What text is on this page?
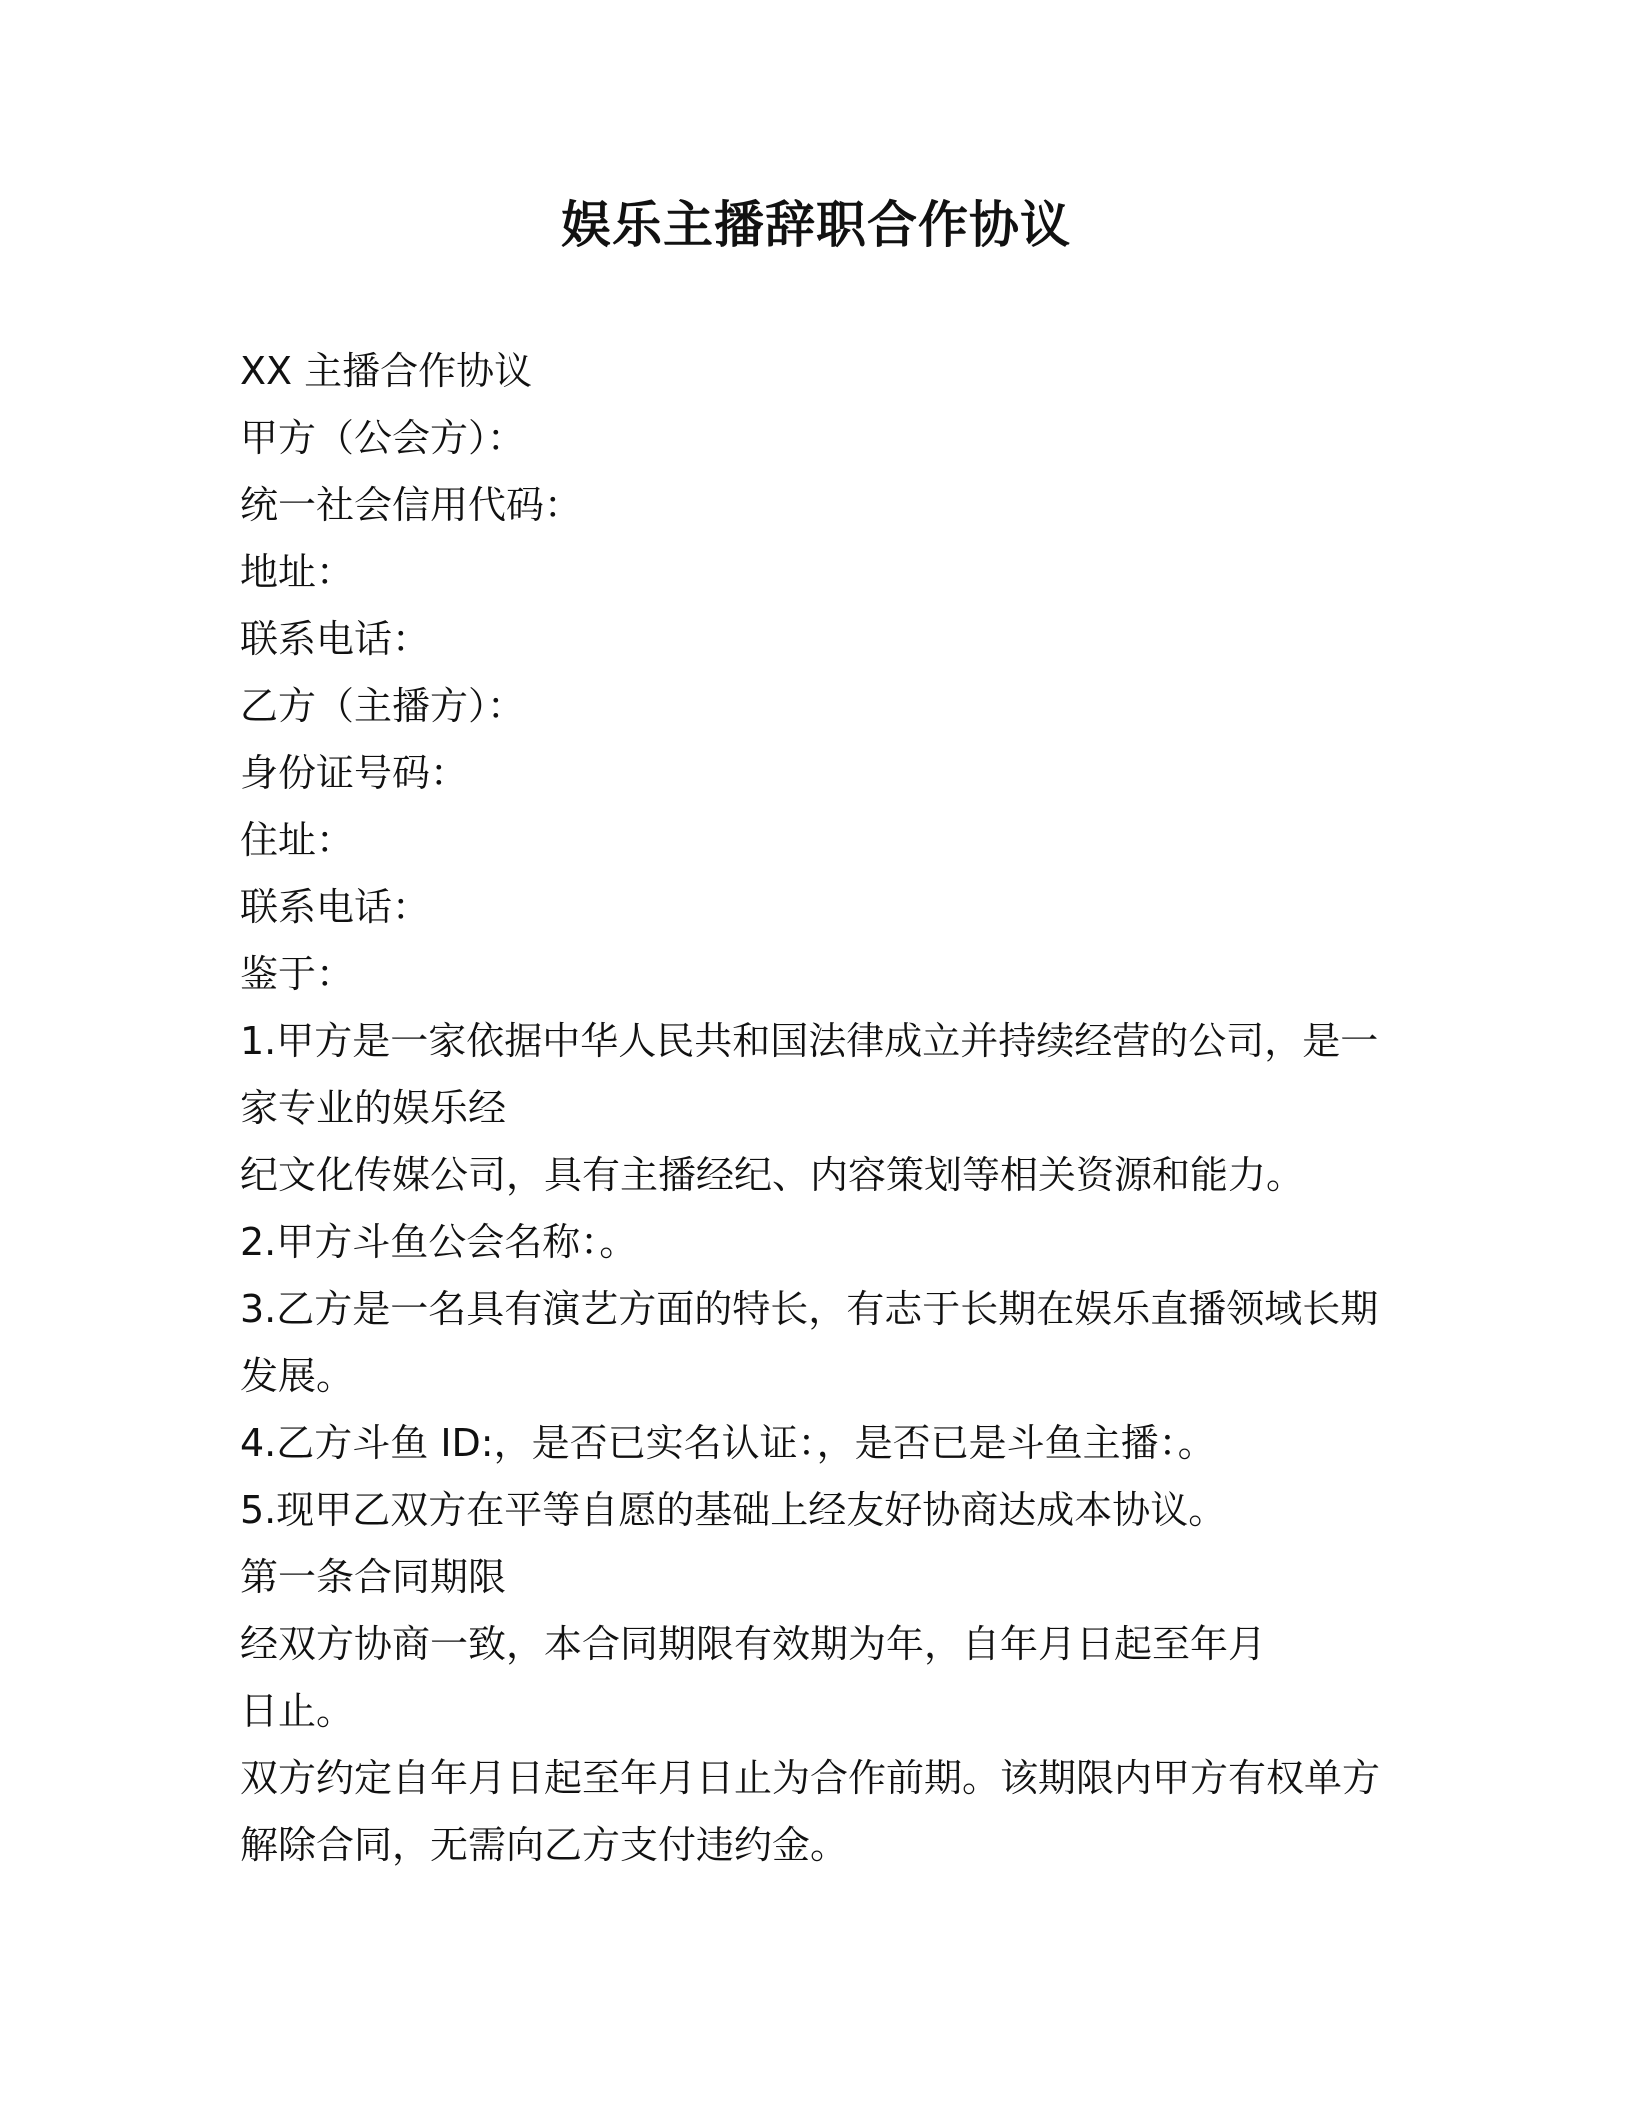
娱乐主播辞职合作协议

XX 主播合作协议

甲方（公会方）：

统一社会信用代码：

地址：

联系电话：

乙方（主播方）：

身份证号码：

住址：

联系电话：

鉴于：

1.甲方是一家依据中华人民共和国法律成立并持续经营的公司，是一

家专业的娱乐经

纪文化传媒公司，具有主播经纪、内容策划等相关资源和能力。

2.甲方斗鱼公会名称：。

3.乙方是一名具有演艺方面的特长，有志于长期在娱乐直播领域长期

发展。

4.乙方斗鱼 ID:，是否已实名认证：，是否已是斗鱼主播：。

5.现甲乙双方在平等自愿的基础上经友好协商达成本协议。

第一条合同期限

经双方协商一致，本合同期限有效期为年，自年月日起至年月

日止。

双方约定自年月日起至年月日止为合作前期。该期限内甲方有权单方

解除合同，无需向乙方支付违约金。
